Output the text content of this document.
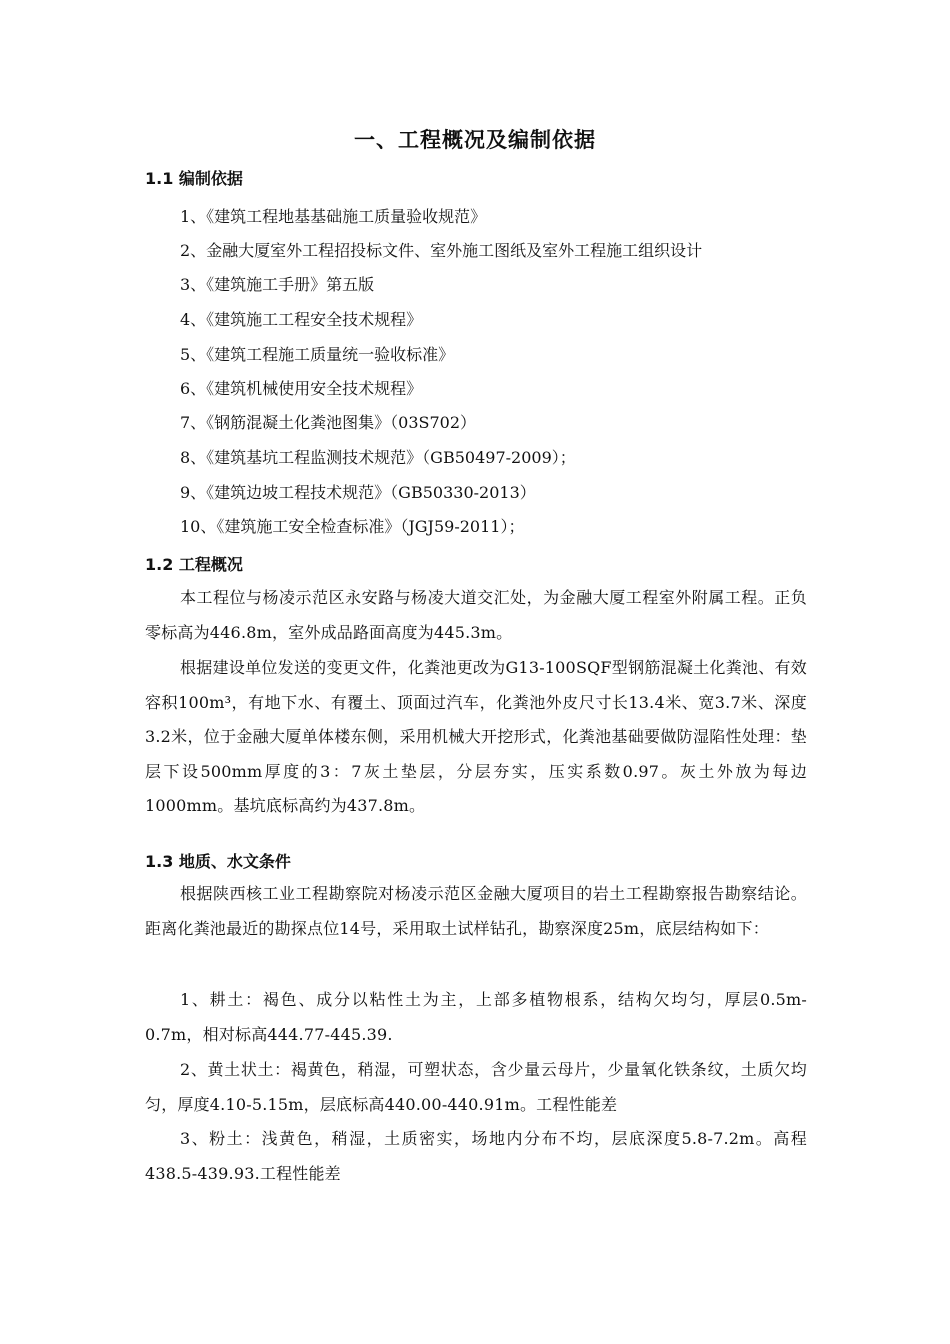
一、工程概况及编制依据
1.1 编制依据

1、《建筑工程地基基础施工质量验收规范》

2、金融大厦室外工程招投标文件、室外施工图纸及室外工程施工组织设计

3、《建筑施工手册》第五版

4、《建筑施工工程安全技术规程》

5、《建筑工程施工质量统一验收标准》

6、《建筑机械使用安全技术规程》

7、《钢筋混凝土化粪池图集》（03S702）

8、《建筑基坑工程监测技术规范》（GB50497-2009）；

9、《建筑边坡工程技术规范》（GB50330-2013）

10、《建筑施工安全检查标准》（JGJ59-2011）；

1.2 工程概况

本工程位与杨凌示范区永安路与杨凌大道交汇处，为金融大厦工程室外附属工程。正负零标高为446.8m，室外成品路面高度为445.3m。

根据建设单位发送的变更文件，化粪池更改为G13-100SQF型钢筋混凝土化粪池、有效容积100m³，有地下水、有覆土、顶面过汽车，化粪池外皮尺寸长13.4米、宽3.7米、深度3.2米，位于金融大厦单体楼东侧，采用机械大开挖形式，化粪池基础要做防湿陷性处理：垫层下设500mm厚度的3：7灰土垫层，分层夯实，压实系数0.97。灰土外放为每边1000mm。基坑底标高约为437.8m。

1.3 地质、水文条件

根据陕西核工业工程勘察院对杨凌示范区金融大厦项目的岩土工程勘察报告勘察结论。距离化粪池最近的勘探点位14号，采用取土试样钻孔，勘察深度25m，底层结构如下：

1、耕土：褐色、成分以粘性土为主，上部多植物根系，结构欠均匀，厚层0.5m-0.7m，相对标高444.77-445.39.

2、黄土状土：褐黄色，稍湿，可塑状态，含少量云母片，少量氧化铁条纹，土质欠均匀，厚度4.10-5.15m，层底标高440.00-440.91m。工程性能差

3、粉土：浅黄色，稍湿，土质密实，场地内分布不均，层底深度5.8-7.2m。高程438.5-439.93.工程性能差
